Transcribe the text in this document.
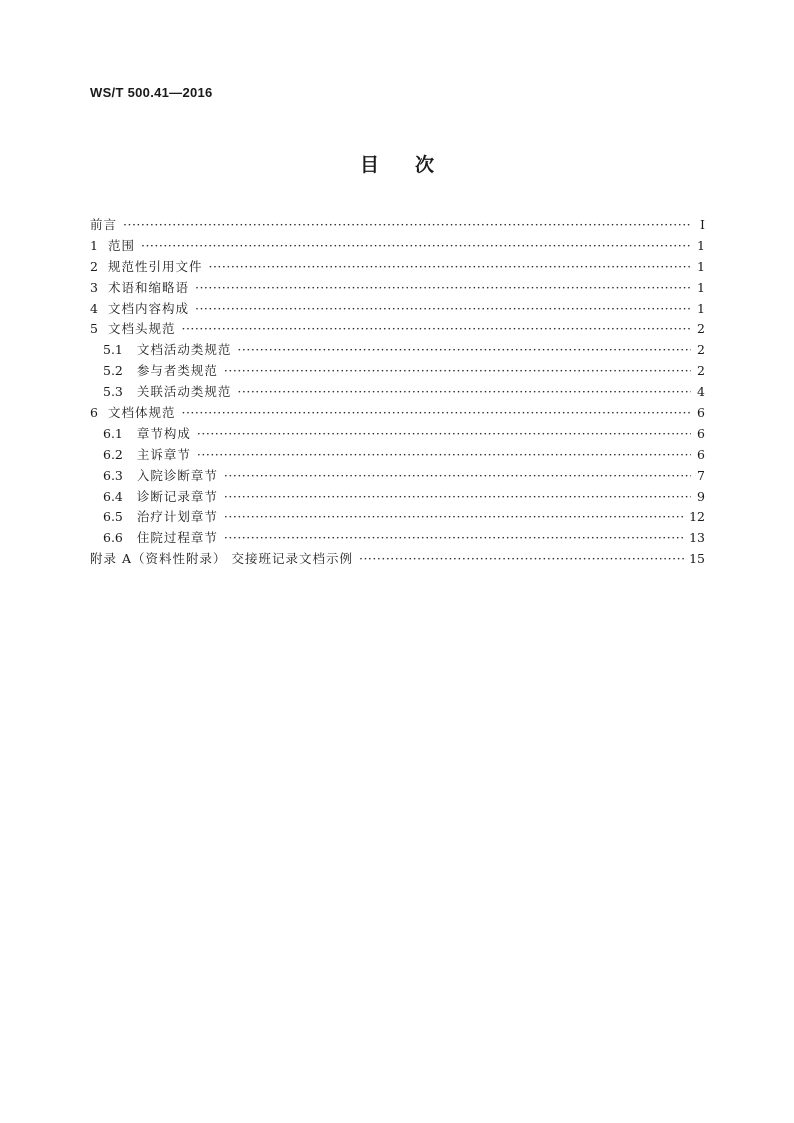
WS/T 500.41—2016
目次
前言 ·····	Ⅰ
1 范围 ·····	1
2 规范性引用文件 ·····	1
3 术语和缩略语 ·····	1
4 文档内容构成 ·····	1
5 文档头规范 ·····	2
5.1 文档活动类规范 ·····	2
5.2 参与者类规范 ·····	2
5.3 关联活动类规范 ·····	4
6 文档体规范 ·····	6
6.1 章节构成 ·····	6
6.2 主诉章节 ·····	6
6.3 入院诊断章节 ·····	7
6.4 诊断记录章节 ·····	9
6.5 治疗计划章节 ·····	12
6.6 住院过程章节 ·····	13
附录 A（资料性附录） 交接班记录文档示例 ·····	15
